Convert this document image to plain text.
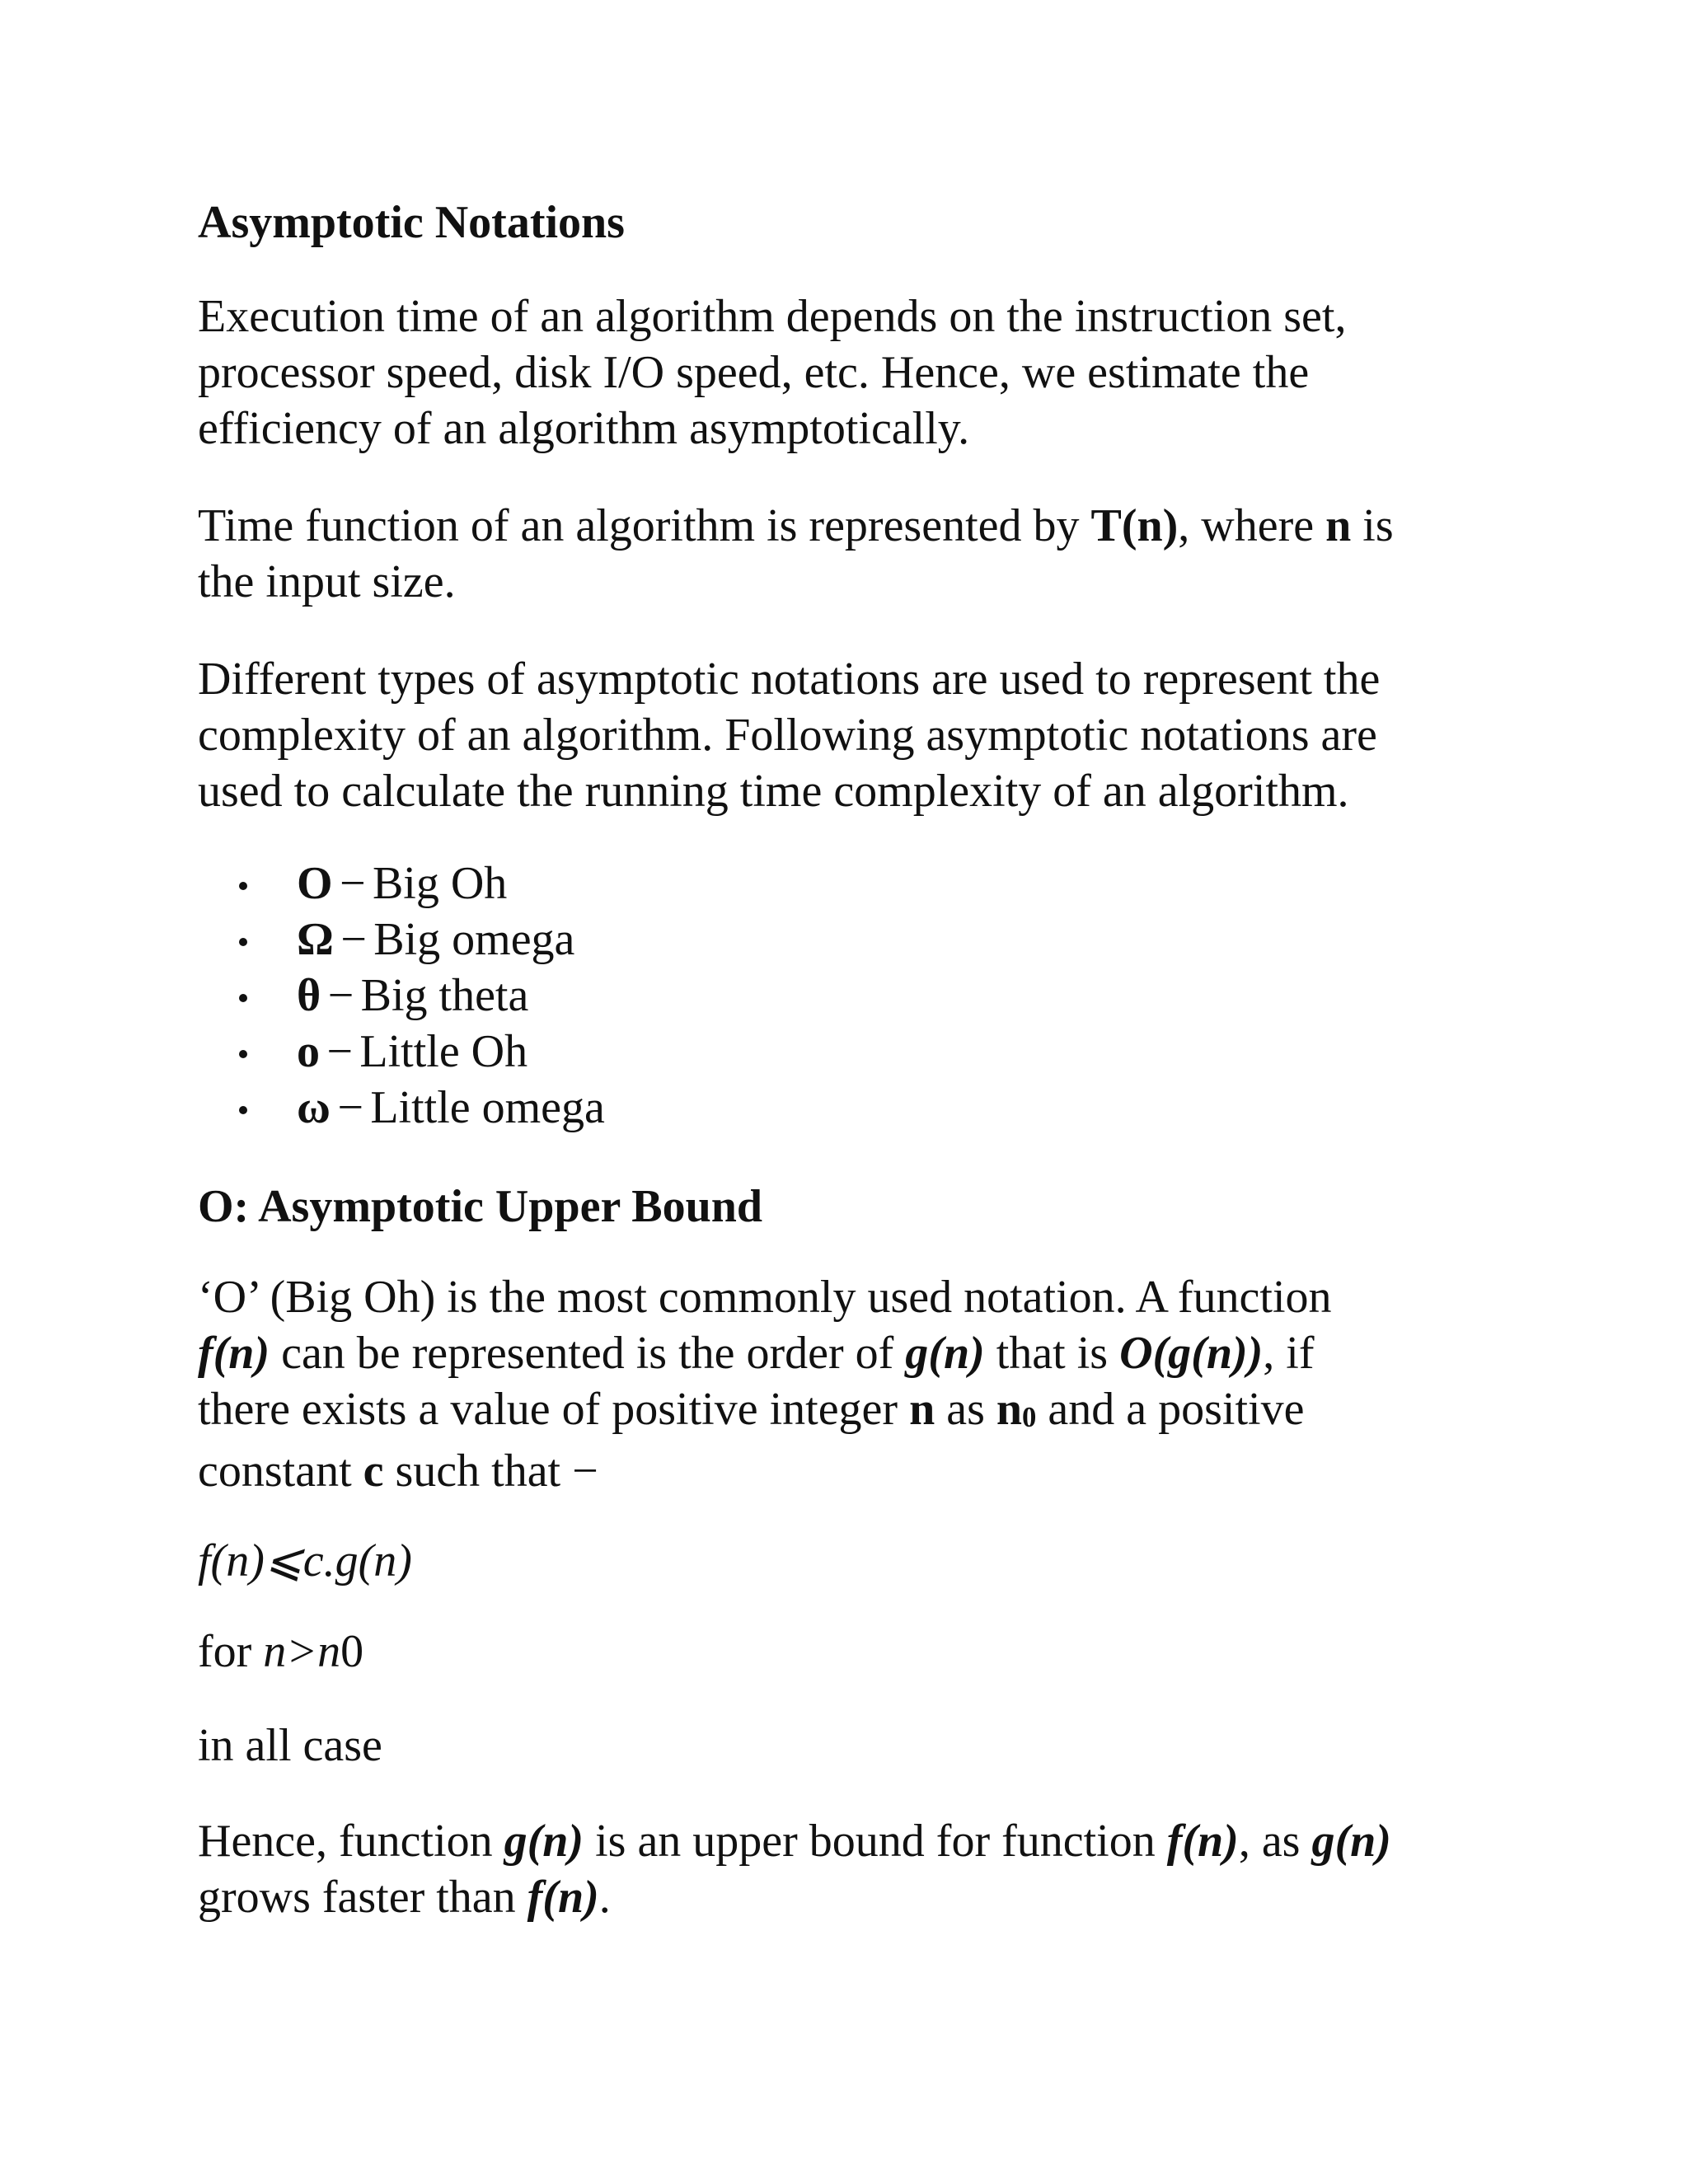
Asymptotic Notations

Execution time of an algorithm depends on the instruction set,
processor speed, disk I/O speed, etc. Hence, we estimate the
efficiency of an algorithm asymptotically.

Time function of an algorithm is represented by T(n), where n is
the input size.

Different types of asymptotic notations are used to represent the
complexity of an algorithm. Following asymptotic notations are
used to calculate the running time complexity of an algorithm.

O − Big Oh
Ω − Big omega
θ − Big theta
o − Little Oh
ω − Little omega
O: Asymptotic Upper Bound

‘O’ (Big Oh) is the most commonly used notation. A function
f(n) can be represented is the order of g(n) that is O(g(n)), if
there exists a value of positive integer n as n0 and a positive
constant c such that −

f(n)⩽c.g(n)

for n>n0

in all case

Hence, function g(n) is an upper bound for function f(n), as g(n)
grows faster than f(n).
